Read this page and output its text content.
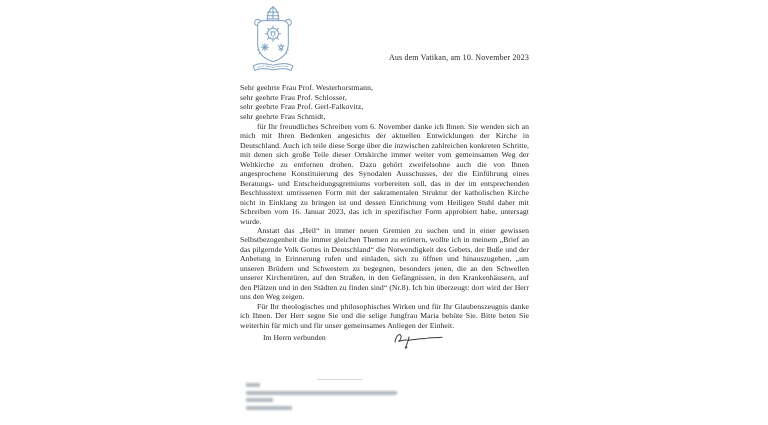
Aus dem Vatikan, am 10. November 2023
Sehr geehrte Frau Prof. Westerhorstmann,
sehr geehrte Frau Prof. Schlosser,
sehr geehrte Frau Prof. Gerl-Falkovitz,
sehr geehrte Frau Schmidt,

für Ihr freundliches Schreiben vom 6. November danke ich Ihnen. Sie wenden sich an mich mit Ihren Bedenken angesichts der aktuellen Entwicklungen der Kirche in Deutschland. Auch ich teile diese Sorge über die inzwischen zahlreichen konkreten Schritte, mit denen sich große Teile dieser Ortskirche immer weiter vom gemeinsamen Weg der Weltkirche zu entfernen drohen. Dazu gehört zweifelsohne auch die von Ihnen angesprochene Konstituierung des Synodalen Ausschusses, der die Einführung eines Beratungs- und Entscheidungsgremiums vorbereiten soll, das in der im entsprechenden Beschlusstext umrissenen Form mit der sakramentalen Struktur der katholischen Kirche nicht in Einklang zu bringen ist und dessen Einrichtung vom Heiligen Stuhl daher mit Schreiben vom 16. Januar 2023, das ich in spezifischer Form approbiert habe, untersagt wurde.

Anstatt das „Heil“ in immer neuen Gremien zu suchen und in einer gewissen Selbstbezogenheit die immer gleichen Themen zu erörtern, wollte ich in meinem „Brief an das pilgernde Volk Gottes in Deutschland“ die Notwendigkeit des Gebets, der Buße und der Anbetung in Erinnerung rufen und einladen, sich zu öffnen und hinauszugehen, „um unseren Brüdern und Schwestern zu begegnen, besonders jenen, die an den Schwellen unserer Kirchentüren, auf den Straßen, in den Gefängnissen, in den Krankenhäusern, auf den Plätzen und in den Städten zu finden sind“ (Nr.8). Ich bin überzeugt: dort wird der Herr uns den Weg zeigen.

Für Ihr theologisches und philosophisches Wirken und für Ihr Glaubenszeugnis danke ich Ihnen. Der Herr segne Sie und die selige Jungfrau Maria behüte Sie. Bitte beten Sie weiterhin für mich und für unser gemeinsames Anliegen der Einheit.

Im Herrn verbunden
